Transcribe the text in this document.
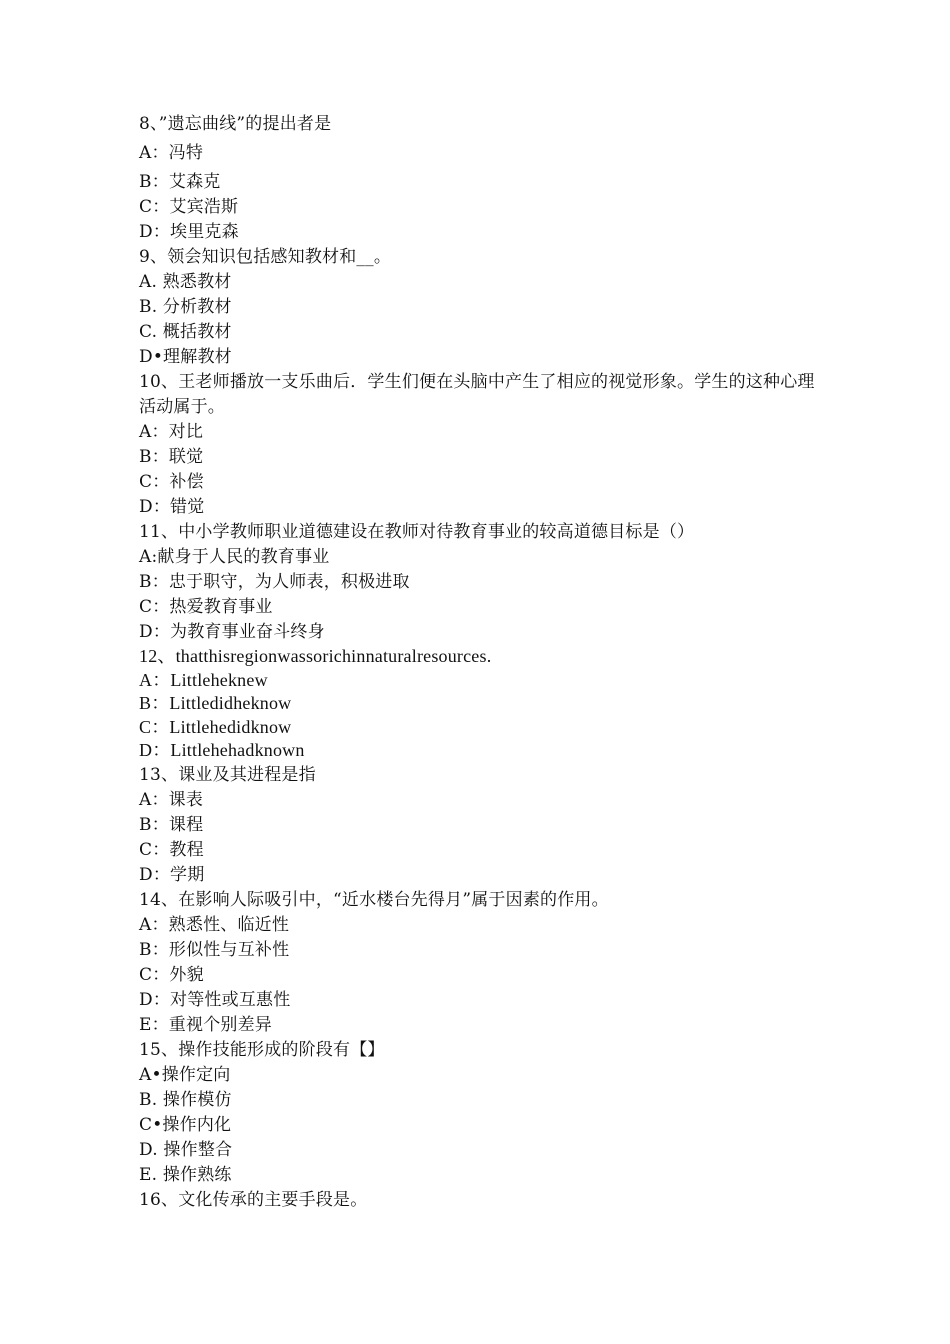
8、”遗忘曲线”的提出者是
A：冯特
B：艾森克
C：艾宾浩斯
D：埃里克森
9、领会知识包括感知教材和__。
A. 熟悉教材
B. 分析教材
C. 概括教材
D•理解教材
10、王老师播放一支乐曲后．学生们便在头脑中产生了相应的视觉形象。学生的这种心理活动属于。
A：对比
B：联觉
C：补偿
D：错觉
11、中小学教师职业道德建设在教师对待教育事业的较高道德目标是（）
A:献身于人民的教育事业
B：忠于职守，为人师表，积极进取
C：热爱教育事业
D：为教育事业奋斗终身
12、thatthisregionwassorichinnaturalresources.
A：Littleheknew
B：Littledidheknow
C：Littlehedidknow
D：Littlehehadknown
13、课业及其进程是指
A：课表
B：课程
C：教程
D：学期
14、在影响人际吸引中，“近水楼台先得月”属于因素的作用。
A：熟悉性、临近性
B：形似性与互补性
C：外貌
D：对等性或互惠性
E：重视个别差异
15、操作技能形成的阶段有【】
A•操作定向
B. 操作模仿
C•操作内化
D. 操作整合
E. 操作熟练
16、文化传承的主要手段是。
